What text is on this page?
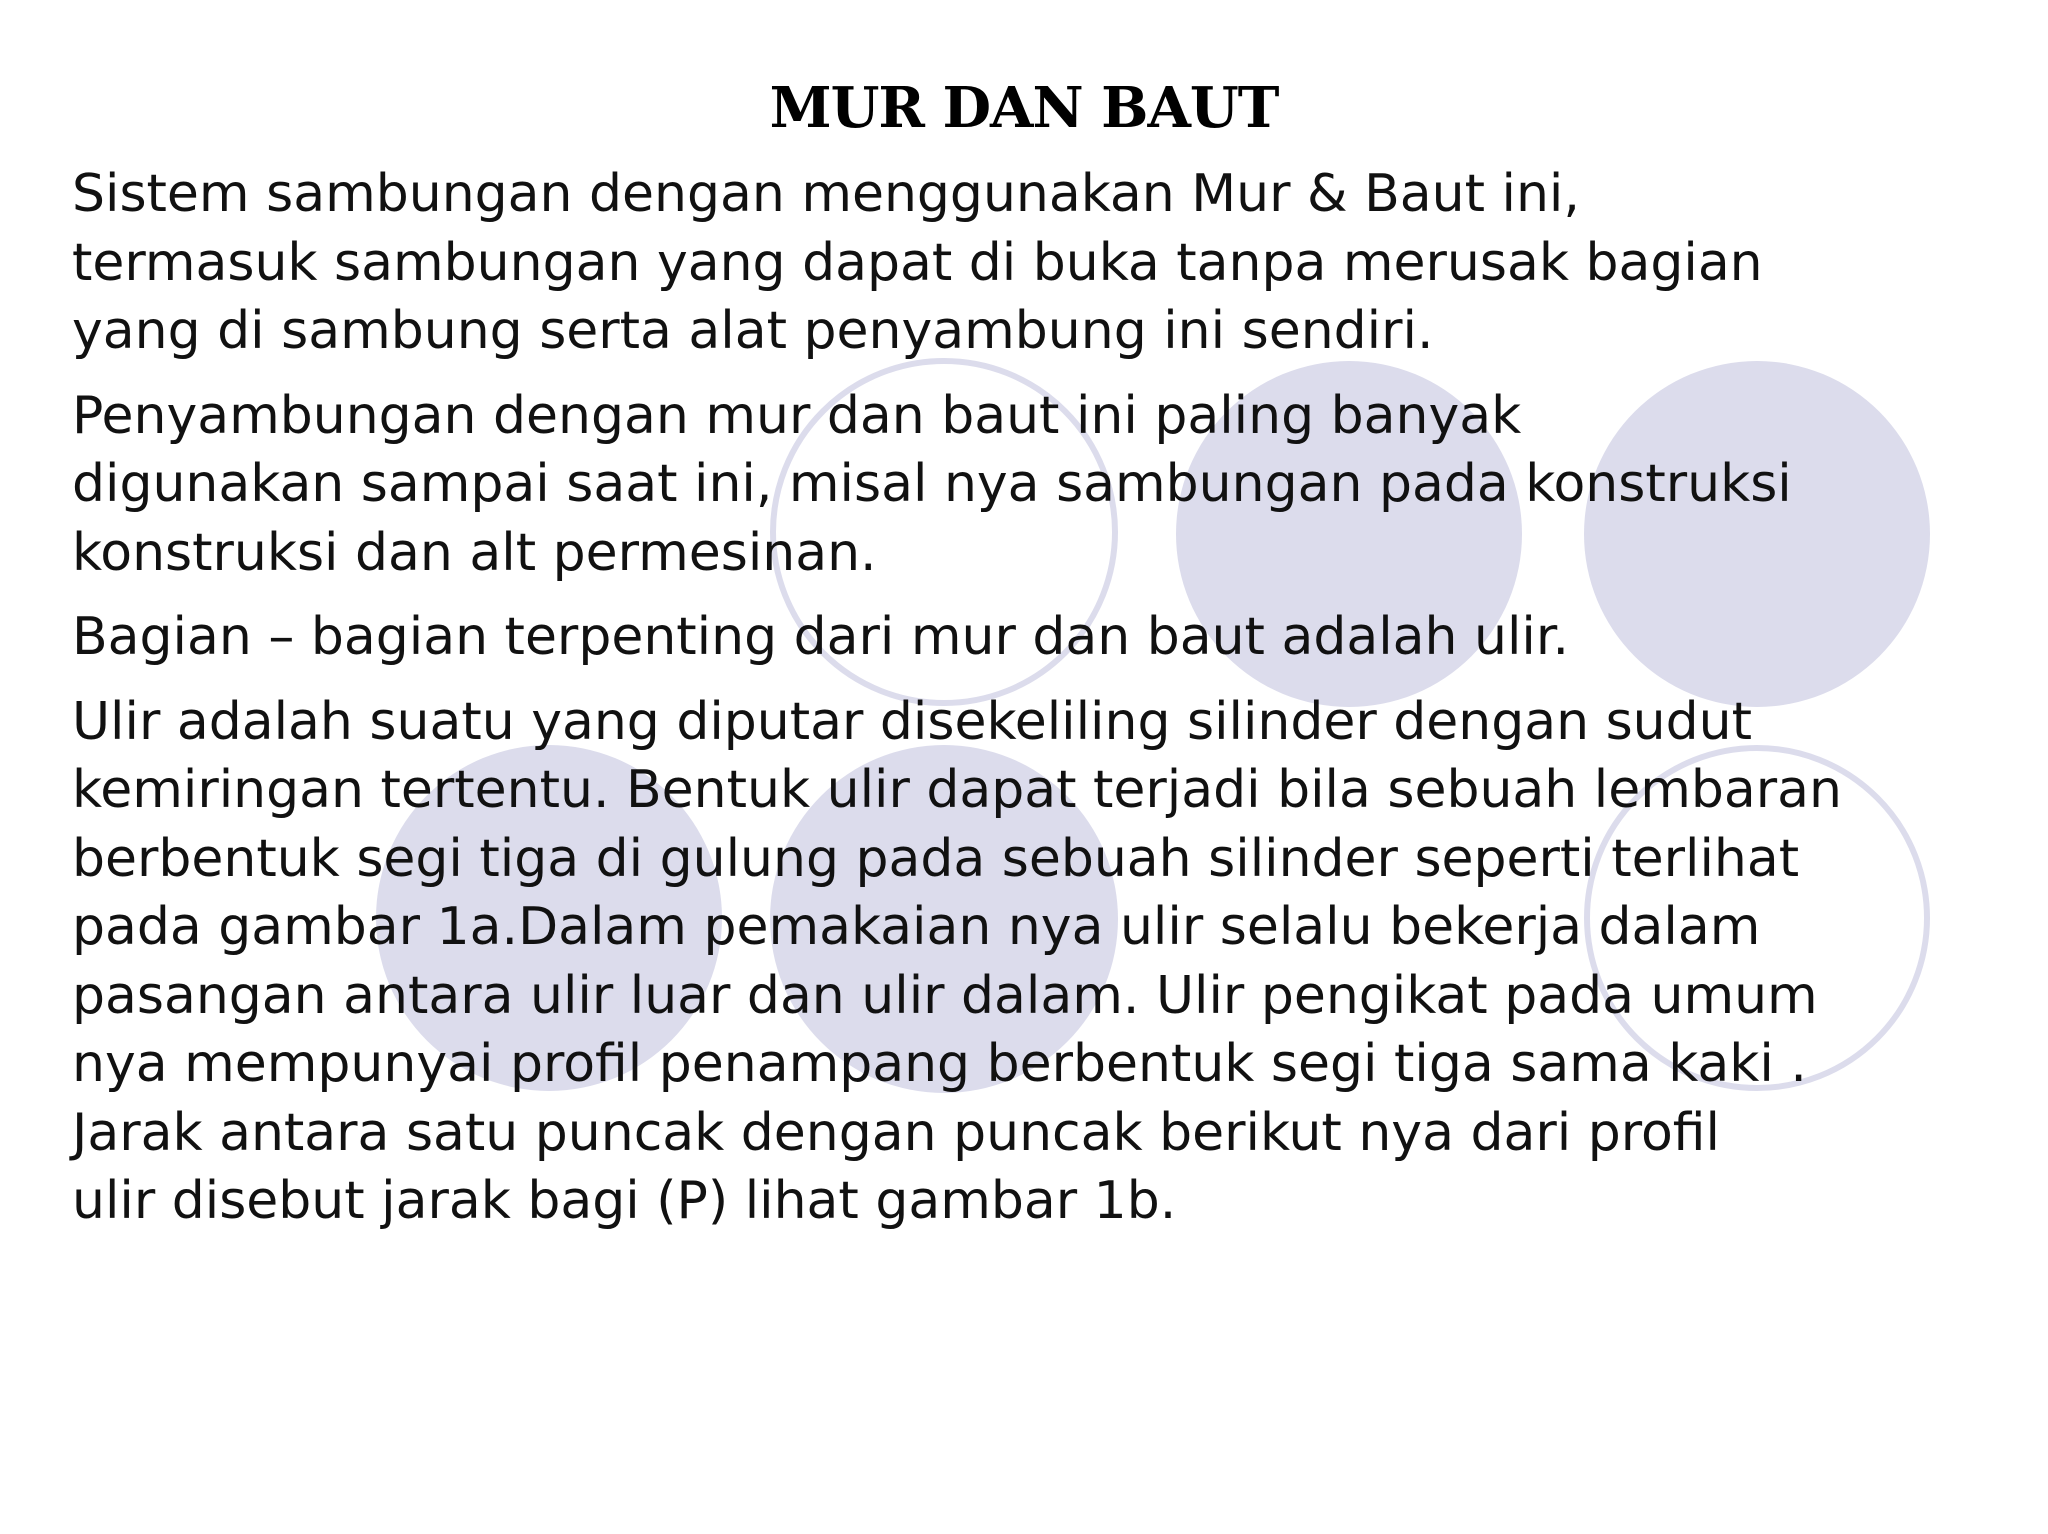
MUR DAN BAUT

Sistem sambungan dengan menggunakan Mur & Baut ini,
termasuk sambungan yang dapat di buka tanpa merusak bagian
yang di sambung serta alat penyambung ini sendiri.

Penyambungan dengan mur dan baut ini paling banyak
digunakan sampai saat ini, misal nya sambungan pada konstruksi
konstruksi dan alt permesinan.

Bagian – bagian terpenting dari mur dan baut adalah ulir.

Ulir adalah suatu yang diputar disekeliling silinder dengan sudut
kemiringan tertentu. Bentuk ulir dapat terjadi bila sebuah lembaran
berbentuk segi tiga di gulung pada sebuah silinder seperti terlihat
pada gambar 1a.Dalam pemakaian nya ulir selalu bekerja dalam
pasangan antara ulir luar dan ulir dalam. Ulir pengikat pada umum
nya mempunyai profil penampang berbentuk segi tiga sama kaki .
Jarak antara satu puncak dengan puncak berikut nya dari profil
ulir disebut jarak bagi (P) lihat gambar 1b.
